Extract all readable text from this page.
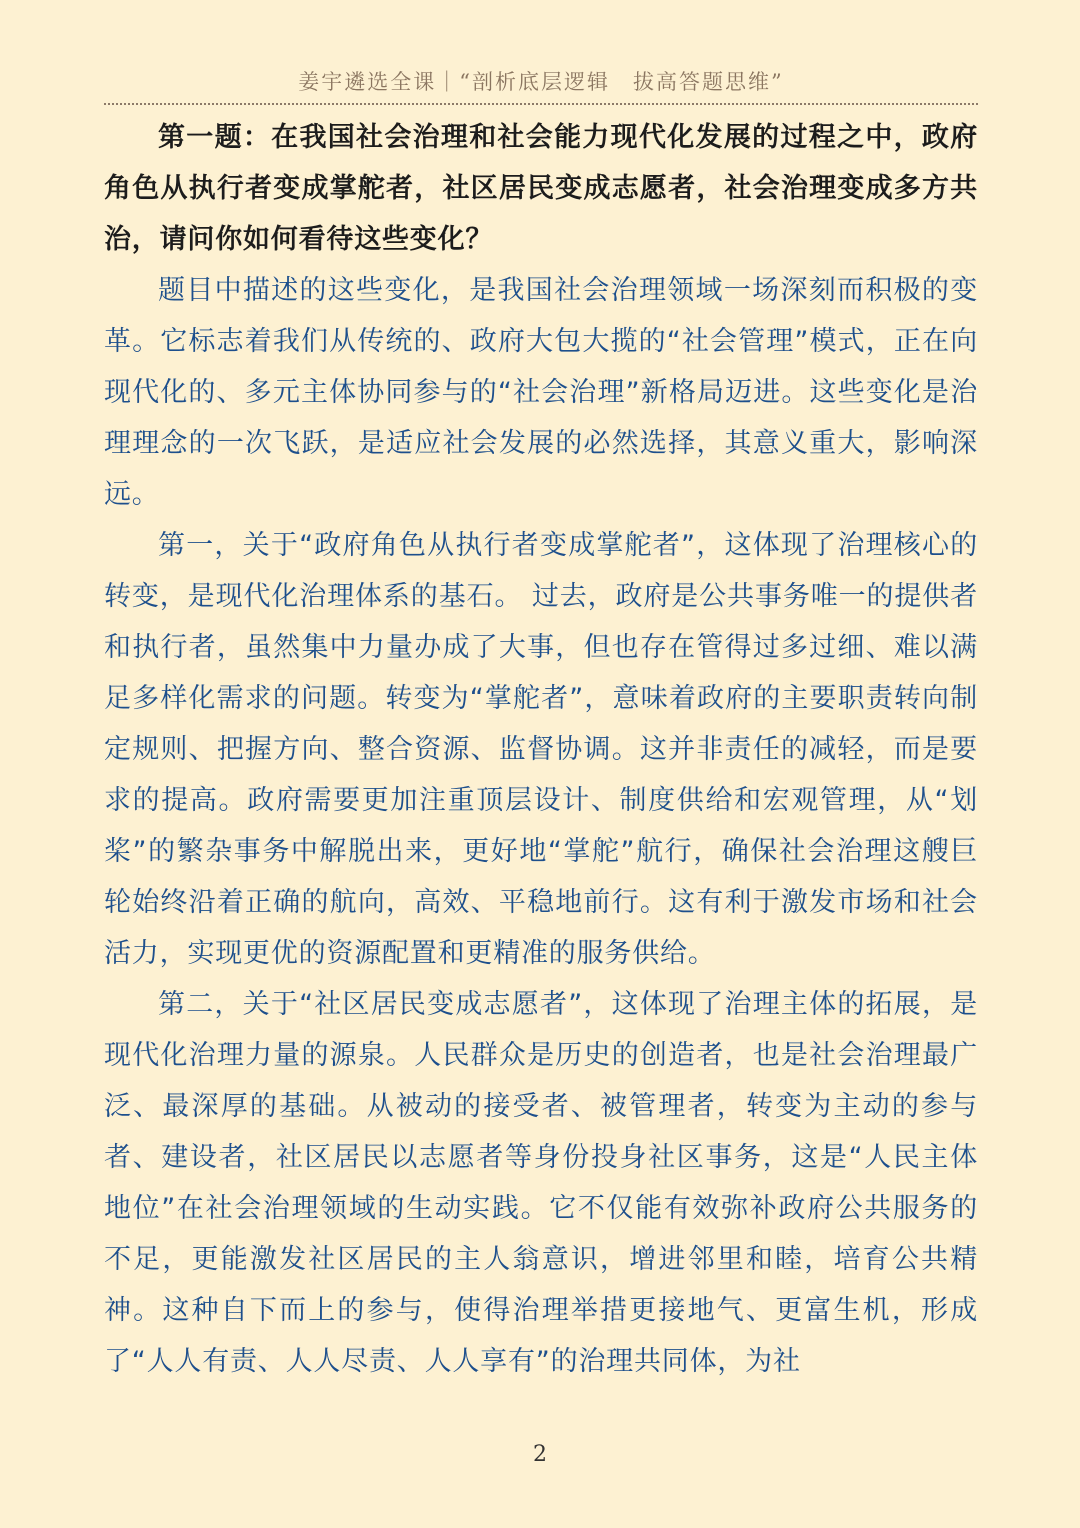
姜宇遴选全课｜“剖析底层逻辑　拔高答题思维”

第一题：在我国社会治理和社会能力现代化发展的过程之中，政府角色从执行者变成掌舵者，社区居民变成志愿者，社会治理变成多方共治，请问你如何看待这些变化？

题目中描述的这些变化，是我国社会治理领域一场深刻而积极的变革。它标志着我们从传统的、政府大包大揽的“社会管理”模式，正在向现代化的、多元主体协同参与的“社会治理”新格局迈进。这些变化是治理理念的一次飞跃，是适应社会发展的必然选择，其意义重大，影响深远。

第一，关于“政府角色从执行者变成掌舵者”，这体现了治理核心的转变，是现代化治理体系的基石。 过去，政府是公共事务唯一的提供者和执行者，虽然集中力量办成了大事，但也存在管得过多过细、难以满足多样化需求的问题。转变为“掌舵者”，意味着政府的主要职责转向制定规则、把握方向、整合资源、监督协调。这并非责任的减轻，而是要求的提高。政府需要更加注重顶层设计、制度供给和宏观管理，从“划桨”的繁杂事务中解脱出来，更好地“掌舵”航行，确保社会治理这艘巨轮始终沿着正确的航向，高效、平稳地前行。这有利于激发市场和社会活力，实现更优的资源配置和更精准的服务供给。

第二，关于“社区居民变成志愿者”，这体现了治理主体的拓展，是现代化治理力量的源泉。人民群众是历史的创造者，也是社会治理最广泛、最深厚的基础。从被动的接受者、被管理者，转变为主动的参与者、建设者，社区居民以志愿者等身份投身社区事务，这是“人民主体地位”在社会治理领域的生动实践。它不仅能有效弥补政府公共服务的不足，更能激发社区居民的主人翁意识，增进邻里和睦，培育公共精神。这种自下而上的参与，使得治理举措更接地气、更富生机，形成了“人人有责、人人尽责、人人享有”的治理共同体，为社

2
